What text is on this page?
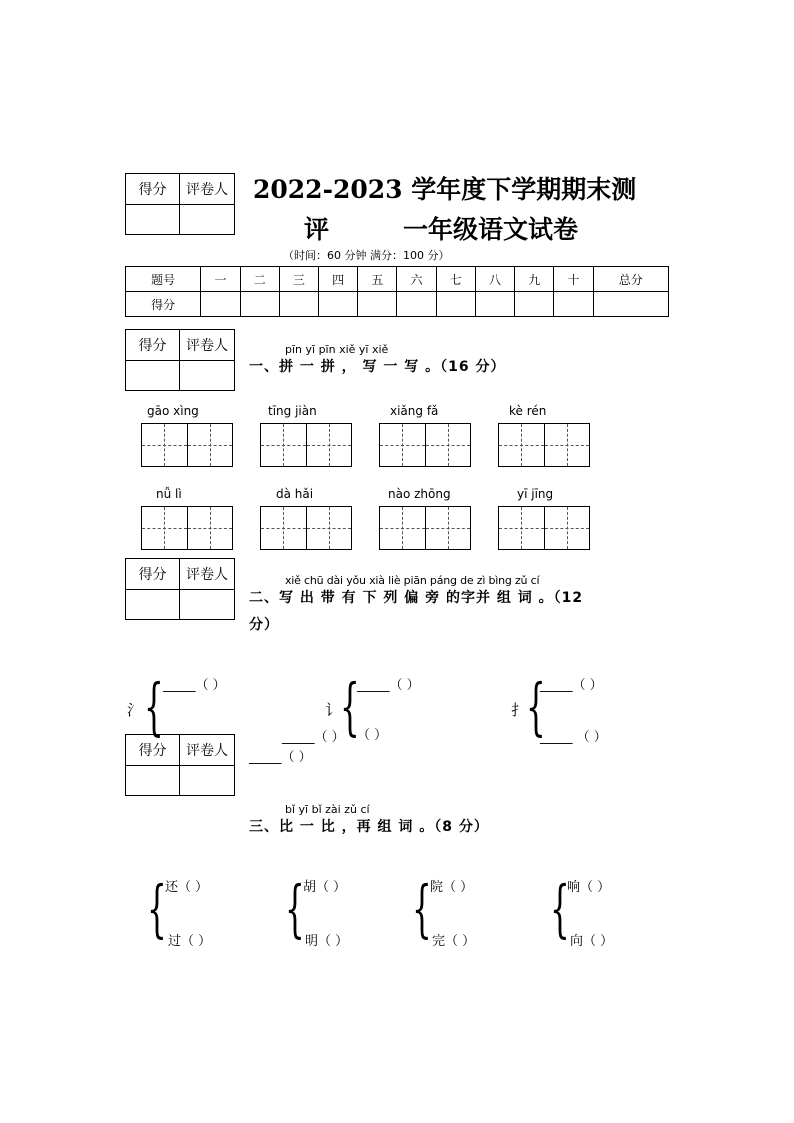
得分	评卷人 2022-2023 学年度下学期期末测
评	一年级语文试卷
（时间：60 分钟 满分：100 分）
题号	一	二	三	四	五	六	七	八	九	十	总分
得分											
得分	评卷人	pīn yī pīn xiě yī xiě
一、拼 一 拼 ， 写 一 写 。（16 分）
gāo xìng	tīng jiàn	xiǎng fǎ	kè rén
nǚ lì	dà hǎi	nào zhōng	yī jīng
得分	评卷人	xiě chū dài yǒu xià liè piān páng de zì bìng zǔ cí
二、写 出 带 有 下 列 偏 旁 的字并 组 词 。（12
分）
氵 { _____（ ）
_____（ ）
_____（ ）
讠 {
_____（ ）
（ ）
扌 {
_____（ ）
_____ （ ）
得分	评卷人
bǐ yī bǐ zài zǔ cí
三、比 一 比 ，再 组 词 。（8 分）
{
还（ ）
过（ ） {
胡（ ）
明（ ） {
院（ ）
完（ ） {
响（ ）
向（ ）
